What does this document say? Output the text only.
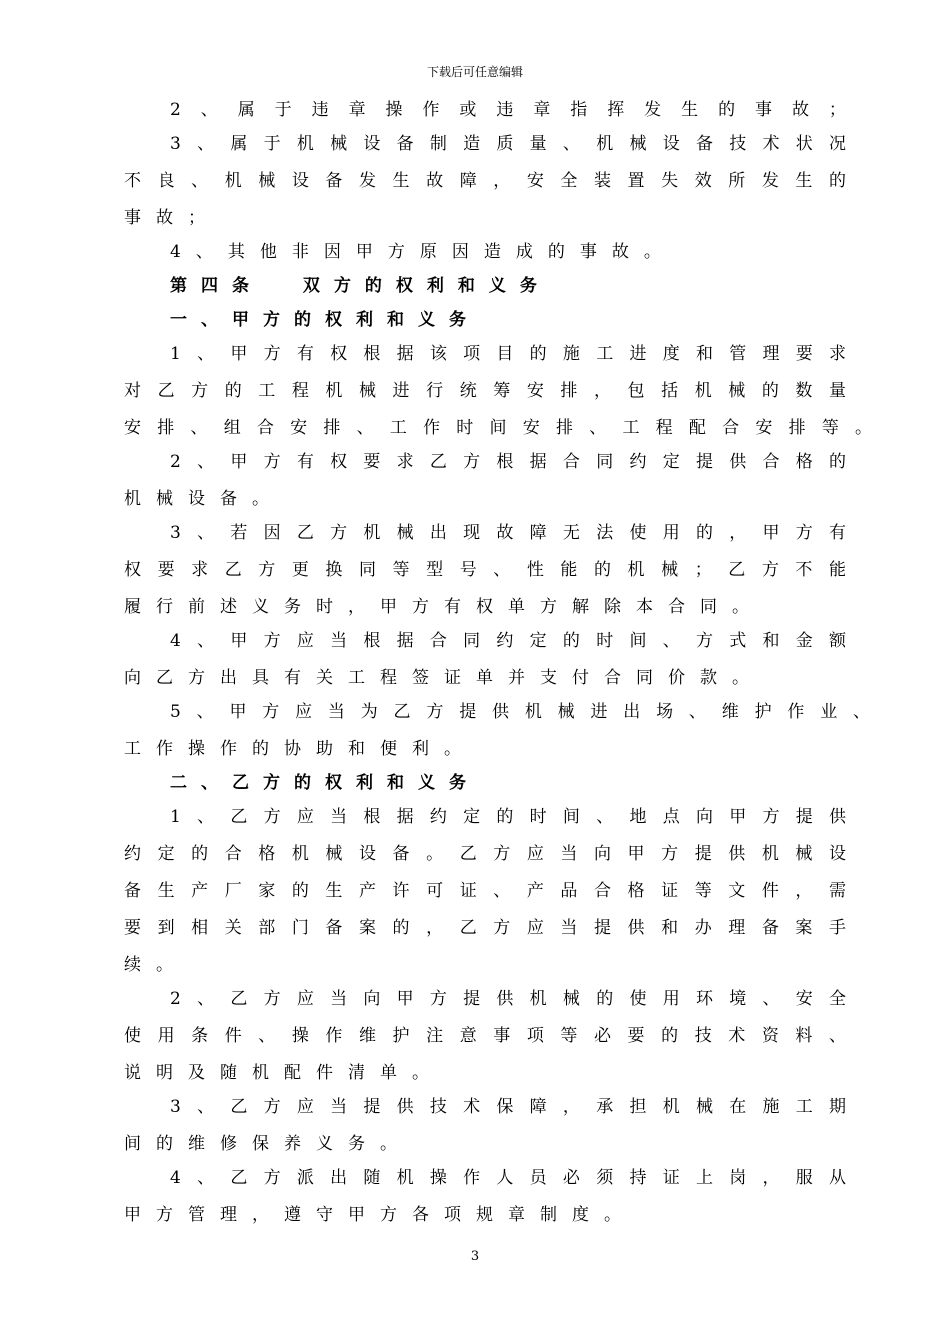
下载后可任意编辑
2、属于违章操作或违章指挥发生的事故；
3、属于机械设备制造质量、机械设备技术状况
不良、机械设备发生故障，安全装置失效所发生的
事故；
4、其他非因甲方原因造成的事故。
第四条  双方的权利和义务
一、甲方的权利和义务
1、甲方有权根据该项目的施工进度和管理要求
对乙方的工程机械进行统筹安排，包括机械的数量
安排、组合安排、工作时间安排、工程配合安排等。
2、甲方有权要求乙方根据合同约定提供合格的
机械设备。
3、若因乙方机械出现故障无法使用的，甲方有
权要求乙方更换同等型号、性能的机械；乙方不能
履行前述义务时，甲方有权单方解除本合同。
4、甲方应当根据合同约定的时间、方式和金额
向乙方出具有关工程签证单并支付合同价款。
5、甲方应当为乙方提供机械进出场、维护作业、
工作操作的协助和便利。
二、乙方的权利和义务
1、乙方应当根据约定的时间、地点向甲方提供
约定的合格机械设备。乙方应当向甲方提供机械设
备生产厂家的生产许可证、产品合格证等文件，需
要到相关部门备案的，乙方应当提供和办理备案手
续。
2、乙方应当向甲方提供机械的使用环境、安全
使用条件、操作维护注意事项等必要的技术资料、
说明及随机配件清单。
3、乙方应当提供技术保障，承担机械在施工期
间的维修保养义务。
4、乙方派出随机操作人员必须持证上岗，服从
甲方管理，遵守甲方各项规章制度。
3
